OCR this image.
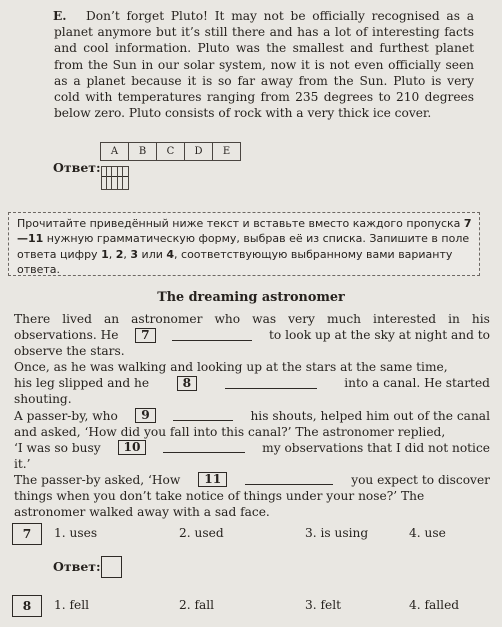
E.	Don’t forget Pluto! It may not be officially recognised as a planet anymore but it’s still there and has a lot of interesting facts and cool information. Pluto was the smallest and furthest planet from the Sun in our solar system, now it is not even officially seen as a planet because it is so far away from the Sun. Pluto is very cold with temperatures ranging from 235 degrees to 210 degrees below zero. Pluto consists of rock with a very thick ice cover.
Ответ:
A	B	C	D	E

Прочитайте приведённый ниже текст и вставьте вместо каждого пропуска 7—11 нужную грамматическую форму, выбрав её из списка. Запишите в поле ответа цифру 1, 2, 3 или 4, соответствующую выбранному вами варианту ответа.
The dreaming astronomer
There lived an astronomer who was very much interested in his
observations. He	7	to look up at the sky at night and to
observe the stars.
Once, as he was walking and looking up at the stars at the same time,
his leg slipped and he	8	into a canal. He started
shouting.
A passer-by, who	9	his shouts, helped him out of the canal
and asked, ‘How did you fall into this canal?’ The astronomer replied,
‘I was so busy	10	my observations that I did not notice
it.’
The passer-by asked, ‘How	11	you expect to discover
things when you don’t take notice of things under your nose?’ The
astronomer walked away with a sad face.
7	1. uses	2. used	3. is using	4. use
Ответ:
8	1. fell	2. fall	3. felt	4. falled
